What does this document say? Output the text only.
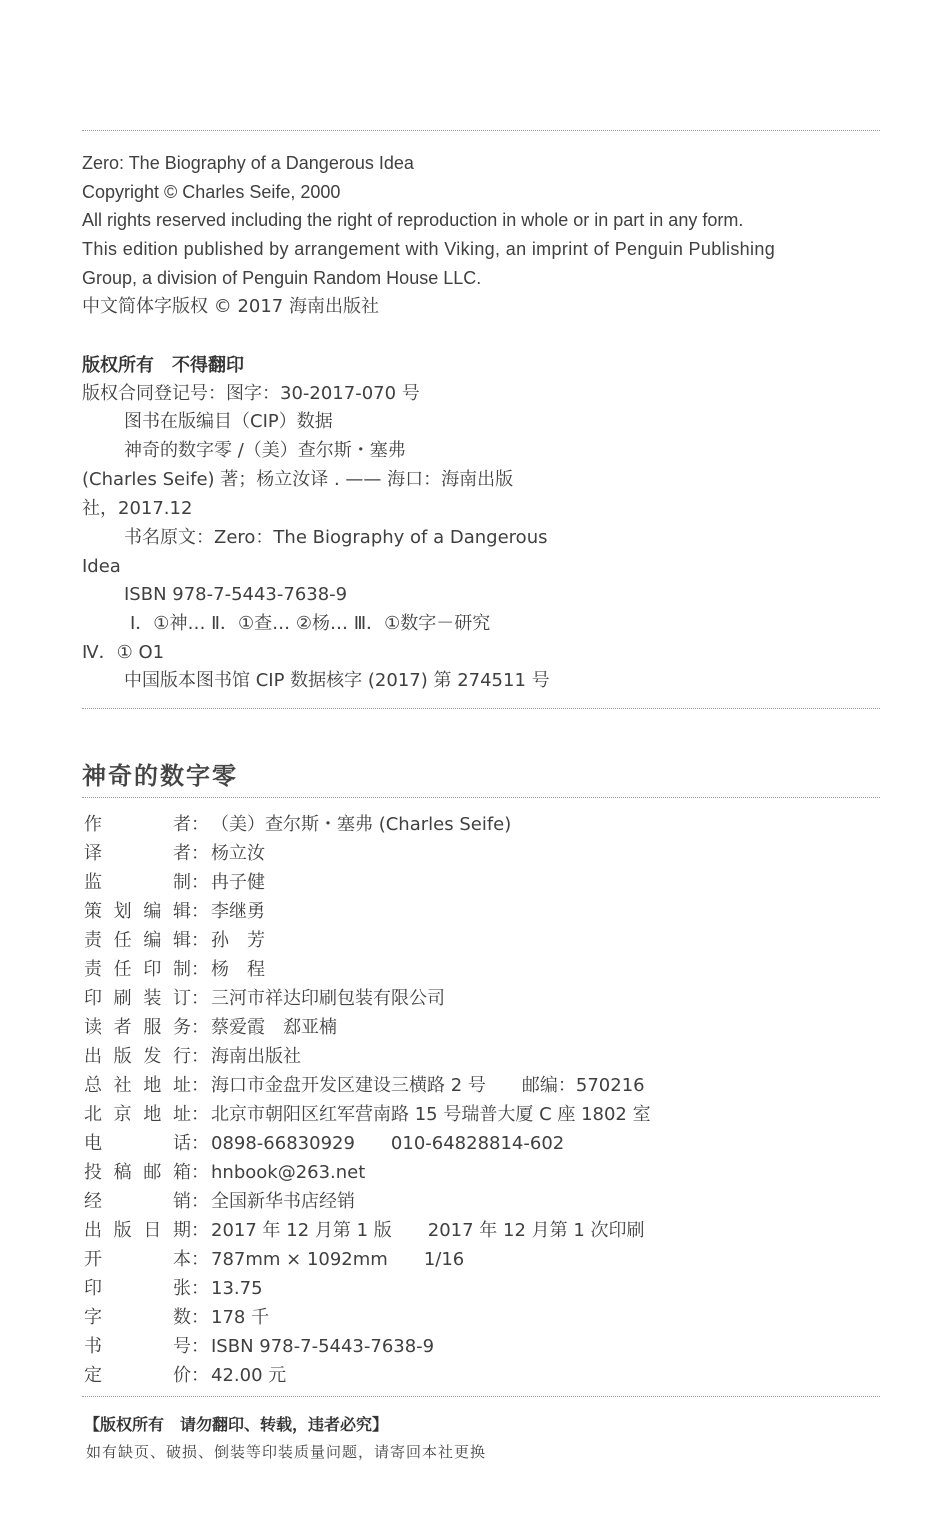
Zero: The Biography of a Dangerous Idea
Copyright © Charles Seife, 2000
All rights reserved including the right of reproduction in whole or in part in any form.
This edition published by arrangement with Viking, an imprint of Penguin Publishing
Group, a division of Penguin Random House LLC.
中文简体字版权 © 2017 海南出版社
版权所有　不得翻印
版权合同登记号：图字：30-2017-070 号
图书在版编目（CIP）数据
神奇的数字零 /（美）查尔斯・塞弗
(Charles Seife) 著；杨立汝译 . —— 海口：海南出版
社，2017.12
书名原文：Zero：The Biography of a Dangerous
Idea
ISBN 978-7-5443-7638-9
Ⅰ．①神… Ⅱ．①查… ②杨… Ⅲ．①数字－研究
Ⅳ．① O1
中国版本图书馆 CIP 数据核字 (2017) 第 274511 号
神奇的数字零
作　　者 ： （美）查尔斯・塞弗 (Charles Seife)
译　　者 ： 杨立汝
监　　制 ： 冉子健
策划编辑 ： 李继勇
责任编辑 ： 孙　芳
责任印制 ： 杨　程
印刷装订 ： 三河市祥达印刷包装有限公司
读者服务 ： 蔡爱霞　郄亚楠
出版发行 ： 海南出版社
总社地址 ： 海口市金盘开发区建设三横路 2 号　　邮编：570216
北京地址 ： 北京市朝阳区红军营南路 15 号瑞普大厦 C 座 1802 室
电　　话 ： 0898-66830929　　010-64828814-602
投稿邮箱 ： hnbook@263.net
经　　销 ： 全国新华书店经销
出版日期 ： 2017 年 12 月第 1 版　　2017 年 12 月第 1 次印刷
开　　本 ： 787mm × 1092mm　　1/16
印　　张 ： 13.75
字　　数 ： 178 千
书　　号 ： ISBN 978-7-5443-7638-9
定　　价 ： 42.00 元
【版权所有　请勿翻印、转载，违者必究】
如有缺页、破损、倒装等印装质量问题，请寄回本社更换
